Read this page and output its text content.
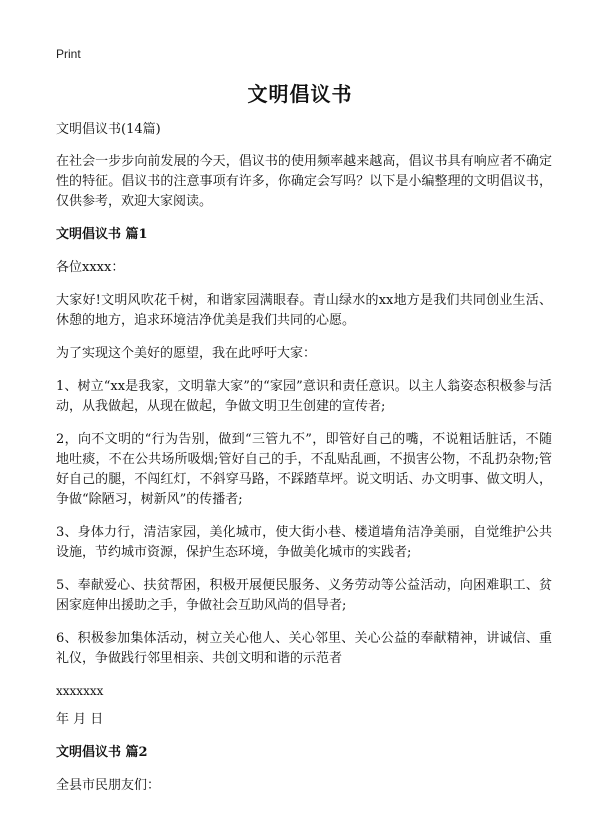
Print
文明倡议书

文明倡议书(14篇)

在社会一步步向前发展的今天，倡议书的使用频率越来越高，倡议书具有响应者不确定性的特征。倡议书的注意事项有许多，你确定会写吗？以下是小编整理的文明倡议书，仅供参考，欢迎大家阅读。

文明倡议书 篇1

各位xxxx：

大家好!文明风吹花千树，和谐家园满眼春。青山绿水的xx地方是我们共同创业生活、休憩的地方，追求环境洁净优美是我们共同的心愿。

为了实现这个美好的愿望，我在此呼吁大家：

1、树立“xx是我家，文明靠大家”的“家园”意识和责任意识。以主人翁姿态积极参与活动，从我做起，从现在做起，争做文明卫生创建的宣传者;

2，向不文明的“行为告别，做到“三管九不”，即管好自己的嘴，不说粗话脏话，不随地吐痰，不在公共场所吸烟;管好自己的手，不乱贴乱画，不损害公物，不乱扔杂物;管好自己的腿，不闯红灯，不斜穿马路，不踩踏草坪。说文明话、办文明事、做文明人，争做“除陋习，树新风”的传播者;

3、身体力行，清洁家园，美化城市，使大街小巷、楼道墙角洁净美丽，自觉维护公共设施，节约城市资源，保护生态环境，争做美化城市的实践者;

5、奉献爱心、扶贫帮困，积极开展便民服务、义务劳动等公益活动，向困难职工、贫困家庭伸出援助之手，争做社会互助风尚的倡导者;

6、积极参加集体活动，树立关心他人、关心邻里、关心公益的奉献精神，讲诚信、重礼仪，争做践行邻里相亲、共创文明和谐的示范者

xxxxxxx

年 月 日

文明倡议书 篇2

全县市民朋友们：
